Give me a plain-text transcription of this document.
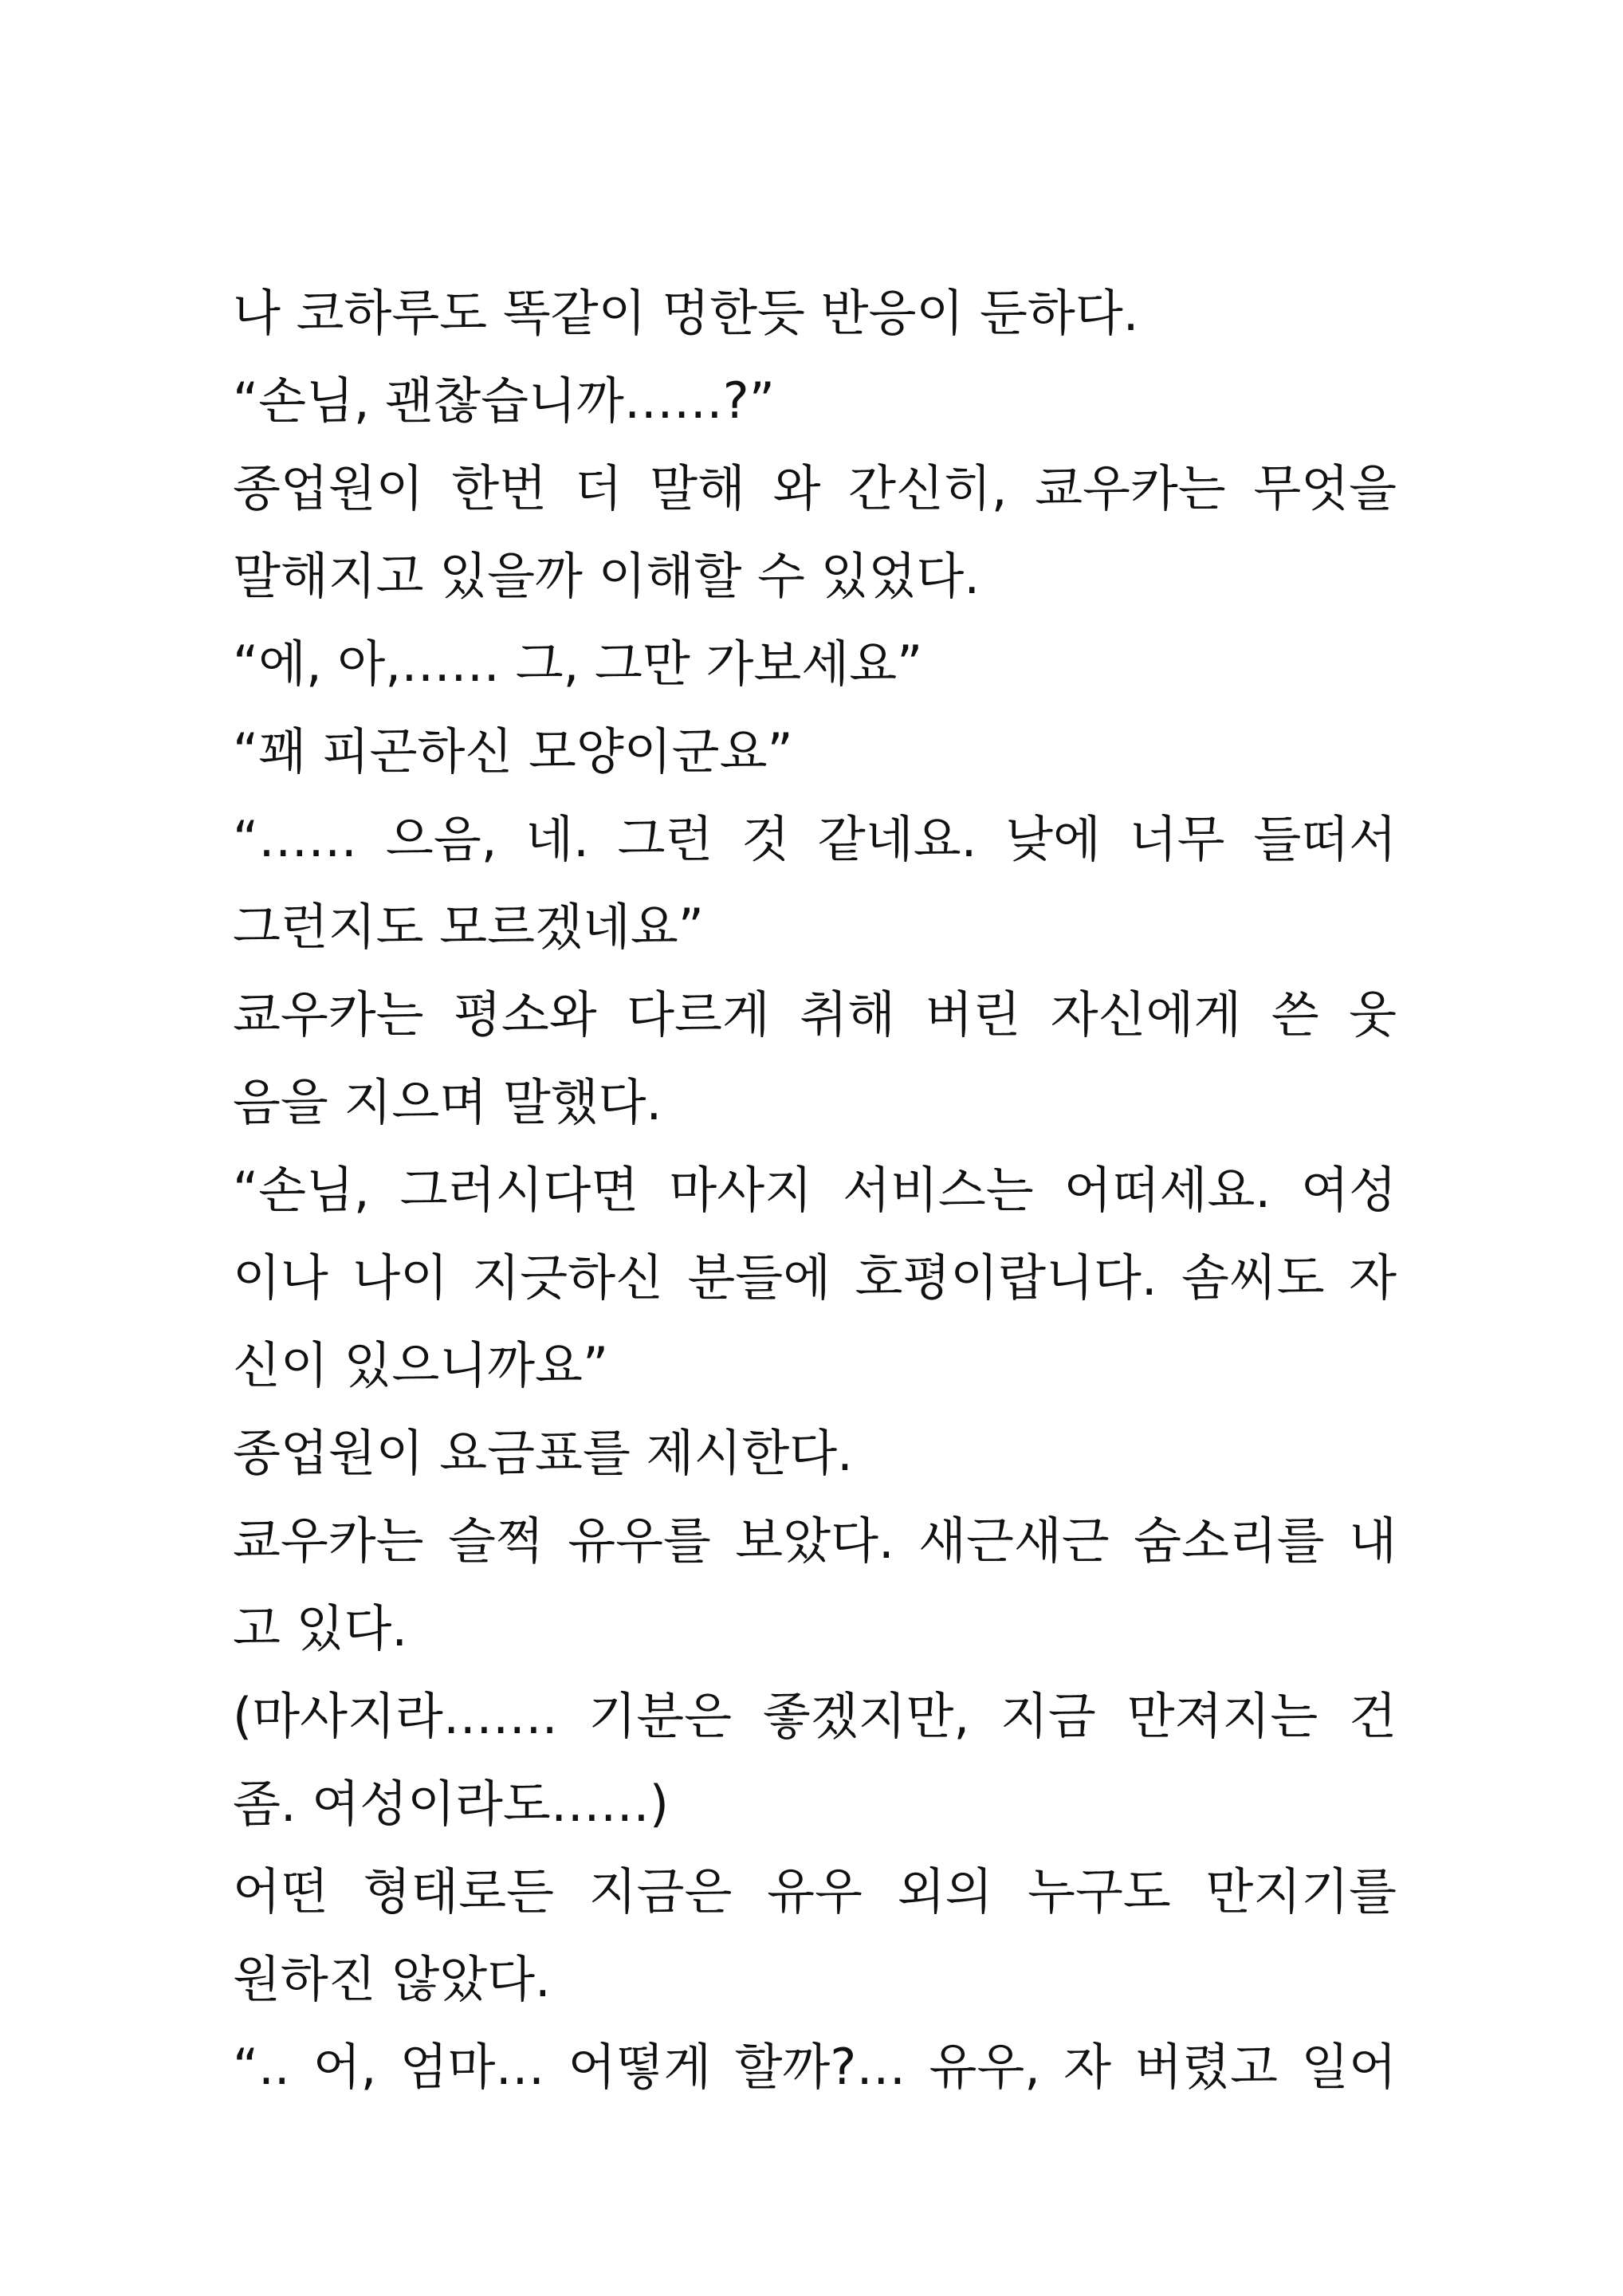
나 코하루도 똑같이 멍한듯 반응이 둔하다.
“손님, 괜찮습니까……?”
종업원이 한번 더 말해 와 간신히, 쿄우카는 무엇을
말해지고 있을까 이해할 수 있었다.
“에, 아,…… 그, 그만 가보세요”
“꽤 피곤하신 모양이군요”
“…… 으음, 네. 그런 것 같네요. 낮에 너무 들떠서
그런지도 모르겠네요”
쿄우카는 평소와 다르게 취해 버린 자신에게 쓴 웃
음을 지으며 말했다.
“손님, 그러시다면 마사지 서비스는 어떠세요. 여성
이나 나이 지긋하신 분들에 호평이랍니다. 솜씨도 자
신이 있으니까요”
종업원이 요금표를 제시한다.
쿄우카는 슬쩍 유우를 보았다. 새근새근 숨소리를 내
고 있다.
(마사지라……. 기분은 좋겠지만, 지금 만져지는 건
좀. 여성이라도……)
어떤 형태로든 지금은 유우 외의 누구도 만지기를
원하진 않았다.
“.. 어, 엄마… 어떻게 할까?… 유우, 자 버렸고 일어
